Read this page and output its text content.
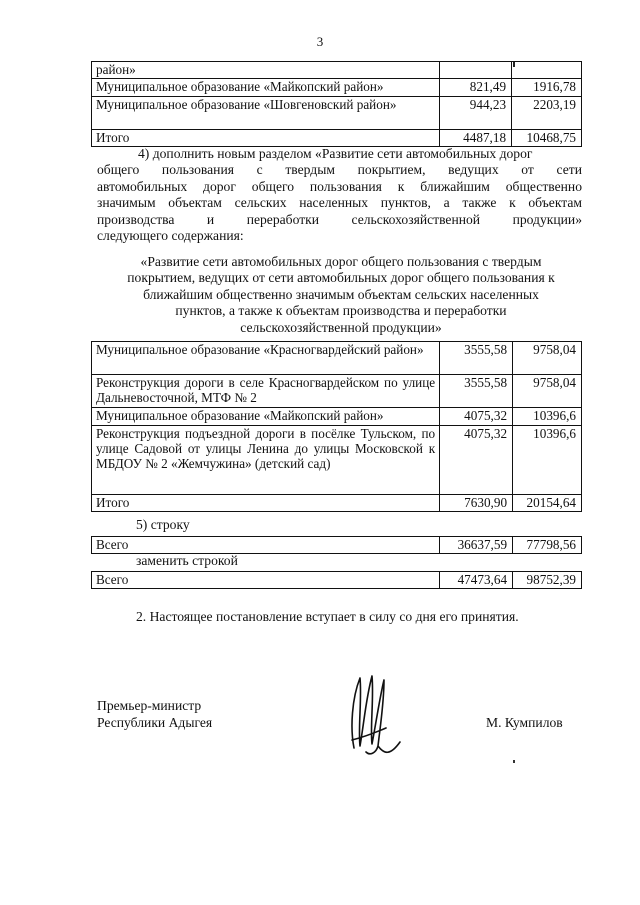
3
район»		
Муниципальное образование «Майкопский район»	821,49	1916,78
Муниципальное образование «Шовгеновский район»	944,23	2203,19
Итого	4487,18	10468,75
4) дополнить новым разделом «Развитие сети автомобильных дорог
общего пользования с твердым покрытием, ведущих от сети
автомобильных дорог общего пользования к ближайшим общественно
значимым объектам сельских населенных пунктов, а также к объектам
производства и переработки сельскохозяйственной продукции»
следующего содержания:
«Развитие сети автомобильных дорог общего пользования с твердым
покрытием, ведущих от сети автомобильных дорог общего пользования к
ближайшим общественно значимым объектам сельских населенных
пунктов, а также к объектам производства и переработки
сельскохозяйственной продукции»
Муниципальное образование «Красногвардейский район»	3555,58	9758,04
Реконструкция дороги в селе Красногвардейском по улице Дальневосточной, МТФ № 2	3555,58	9758,04
Муниципальное образование «Майкопский район»	4075,32	10396,6
Реконструкция подъездной дороги в посёлке Тульском, по улице Садовой от улицы Ленина до улицы Московской к МБДОУ № 2 «Жемчужина» (детский сад)	4075,32	10396,6
Итого	7630,90	20154,64
5) строку
Всего	36637,59	77798,56
заменить строкой
Всего	47473,64	98752,39
2. Настоящее постановление вступает в силу со дня его принятия.
Премьер-министр
Республики Адыгея	М. Кумпилов
